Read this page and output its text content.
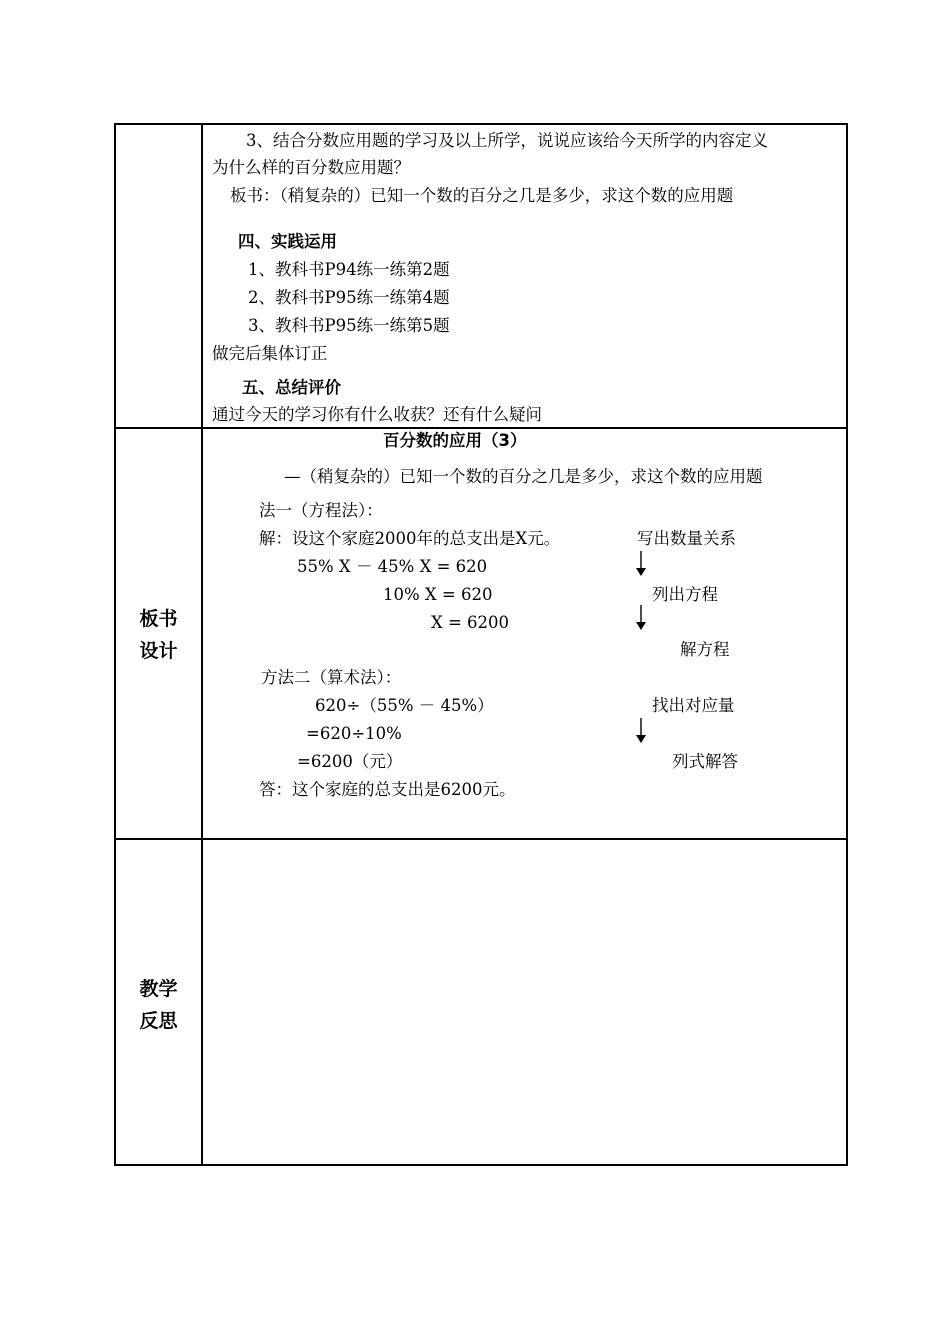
3、结合分数应用题的学习及以上所学，说说应该给今天所学的内容定义
为什么样的百分数应用题？
板书：（稍复杂的）已知一个数的百分之几是多少，求这个数的应用题
四、实践运用
1、教科书P94练一练第2题
2、教科书P95练一练第4题
3、教科书P95练一练第5题
做完后集体订正
五、总结评价
通过今天的学习你有什么收获？还有什么疑问
板书
设计
百分数的应用（3）
—（稍复杂的）已知一个数的百分之几是多少，求这个数的应用题
法一（方程法）：
解：设这个家庭2000年的总支出是X元。
55% X － 45% X = 620
10% X = 620
X = 6200
写出数量关系
列出方程
解方程
方法二（算术法）：
620÷（55% － 45%）
=620÷10%
=6200（元）
找出对应量
列式解答
答：这个家庭的总支出是6200元。
教学
反思
